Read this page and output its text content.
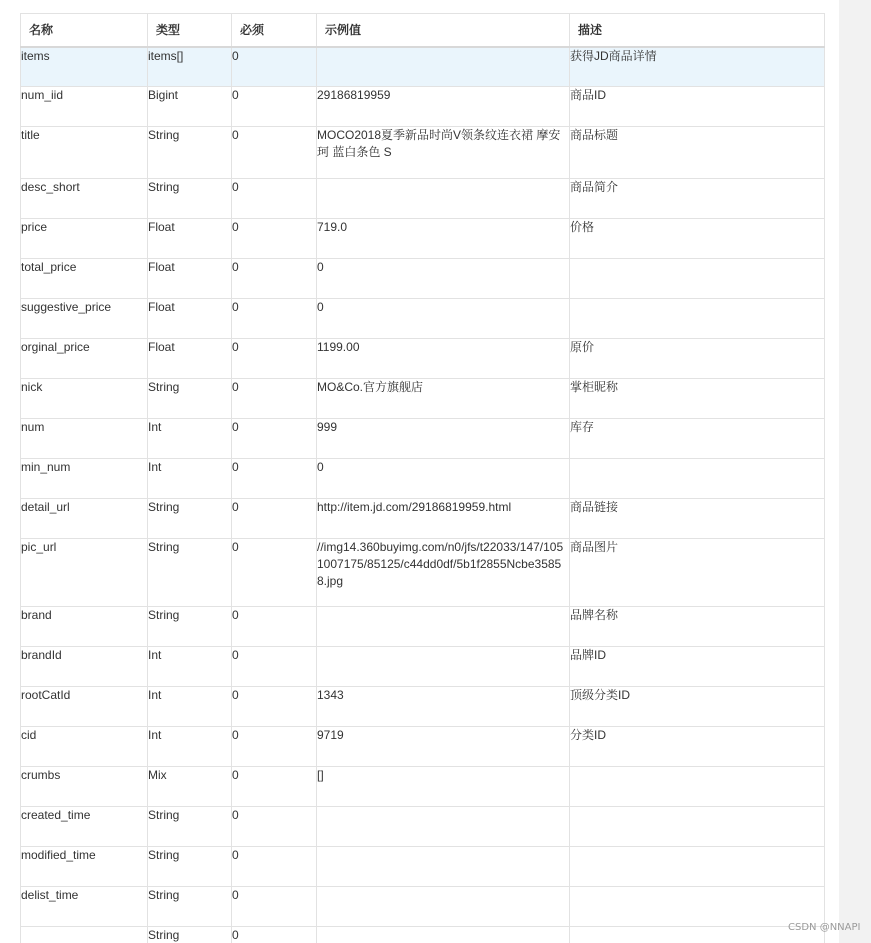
名称	类型	必须	示例值	描述
items	items[]	0		获得JD商品详情
num_iid	Bigint	0	29186819959	商品ID
title	String	0	MOCO2018夏季新品时尚V领条纹连衣裙 摩安珂 蓝白条色 S	商品标题
desc_short	String	0		商品简介
price	Float	0	719.0	价格
total_price	Float	0	0	
suggestive_price	Float	0	0	
orginal_price	Float	0	1199.00	原价
nick	String	0	MO&Co.官方旗舰店	掌柜昵称
num	Int	0	999	库存
min_num	Int	0	0	
detail_url	String	0	http://item.jd.com/29186819959.html	商品链接
pic_url	String	0	//img14.360buyimg.com/n0/jfs/t22033/147/1051007175/85125/c44dd0df/5b1f2855Ncbe35858.jpg	商品图片
brand	String	0		品牌名称
brandId	Int	0		品牌ID
rootCatId	Int	0	1343	顶级分类ID
cid	Int	0	9719	分类ID
crumbs	Mix	0	[]	
created_time	String	0		
modified_time	String	0		
delist_time	String	0		
	String	0		
CSDN @NNAPI
